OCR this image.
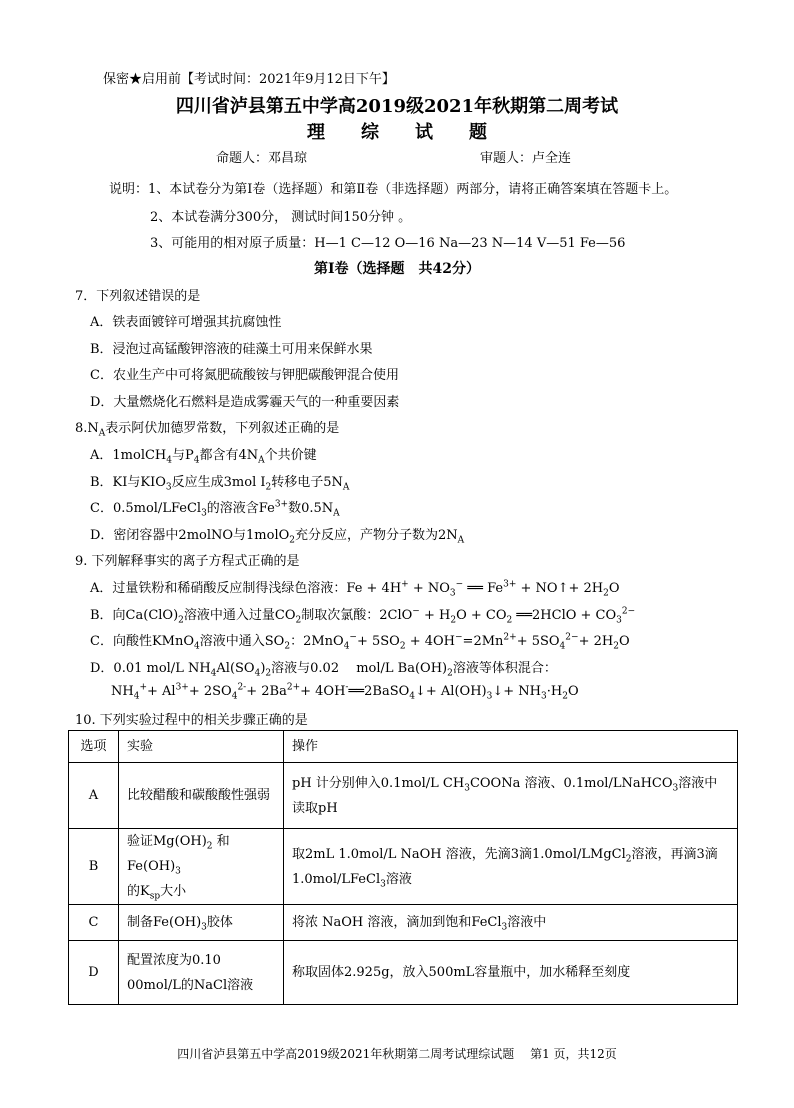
保密★启用前【考试时间：2021年9月12日下午】
四川省泸县第五中学高2019级2021年秋期第二周考试
理　　综　　试　　题
命题人：邓昌琼	审题人：卢全连
说明：1、本试卷分为第Ⅰ卷（选择题）和第Ⅱ卷（非选择题）两部分，请将正确答案填在答题卡上。
2、本试卷满分300分， 测试时间150分钟 。
3、可能用的相对原子质量：H—1 C—12 O—16 Na—23 N—14 V—51 Fe—56
第Ⅰ卷（选择题　共42分）
7．下列叙述错误的是
A．铁表面镀锌可增强其抗腐蚀性
B．浸泡过高锰酸钾溶液的硅藻土可用来保鲜水果
C．农业生产中可将氮肥硫酸铵与钾肥碳酸钾混合使用
D．大量燃烧化石燃料是造成雾霾天气的一种重要因素
$8.N_A$表示阿伏加德罗常数，下列叙述正确的是
A．1molCH$_4$与$P_4$都含有$4N_A$个共价键
B．KI与$KIO_3$反应生成3mol $I_2$转移电子$5N_A$
C．0.5mol/LFeCl$_3$的溶液含$Fe^{3+}$数$0.5N_A$
D．密闭容器中2molNO与1molO$_2$充分反应，产物分子数为$2N_A$
9. 下列解释事实的离子方程式正确的是
A．过量铁粉和稀硝酸反应制得浅绿色溶液：$Fe + 4H^+ + NO_3^-$ ══ $Fe^{3+}$ + NO↑+ $2H_2O$
B．向$Ca(ClO)_2$溶液中通入过量$CO_2$制取次氯酸：$2ClO^- + H_2O + CO_2$ ══2HClO + $CO_3^{2-}$
C．向酸性KMnO$_4$溶液中通入$SO_2$：$2MnO_4^-+ 5SO_2 + 4OH^-=2Mn^{2+}+ 5SO_4^{2-}+ 2H_2O$
D．0.01 mol/L $NH_4Al(SO_4)_2$溶液与0.02　 mol/L $Ba(OH)_2$溶液等体积混合：
$NH_4^++ Al^{3+}+ 2SO_4^{2-}+ 2Ba^{2+}+$ 4OH-══2BaSO$_4$↓+ $Al(OH)_3↓+ NH_3\cdot H_2O$
10. 下列实验过程中的相关步骤正确的是
选项	实验	操作
A	比较醋酸和碳酸酸性强弱	pH 计分别伸入0.1mol/L $CH_3COONa$ 溶液、0.1mol/LNaHCO$_3$溶液中读取pH
B	验证$Mg(OH)_2$ 和$Fe(OH)_3$
的$K_{sp}$大小	取2mL 1.0mol/L NaOH 溶液，先滴3滴1.0mol/LMgCl$_2$溶液，再滴3滴1.0mol/LFeCl$_3$溶液
C	制备$Fe(OH)_3$胶体	将浓 NaOH 溶液，滴加到饱和FeCl$_3$溶液中
D	配置浓度为0.10 00mol/L的NaCl溶液	称取固体2.925g，放入500mL容量瓶中，加水稀释至刻度
四川省泸县第五中学高2019级2021年秋期第二周考试理综试题　 第1 页，共12页
